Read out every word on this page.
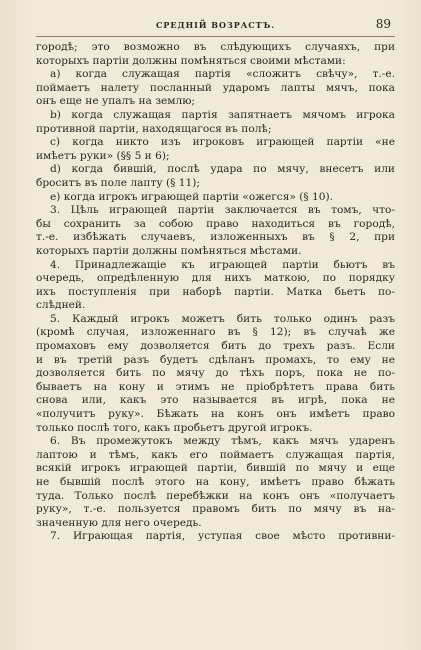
СРЕДНІЙ ВОЗРАСТЪ.	89
городѣ; это возможно въ слѣдующихъ случаяхъ, при
которыхъ партіи должны помѣняться своими мѣстами:
a) когда служащая партія «сложитъ свѣчу», т.-е.
поймаетъ налету посланный ударомъ лапты мячъ, пока
онъ еще не упалъ на землю;
b) когда служащая партія запятнаетъ мячомъ игрока
противной партіи, находящагося въ полѣ;
c) когда никто изъ игроковъ играющей партіи «не
имѣетъ руки» (§§ 5 и 6);
d) когда бившій, послѣ удара по мячу, внесетъ или
броситъ въ поле лапту (§ 11);
e) когда игрокъ играющей партіи «ожегся» (§ 10).
3. Цѣль играющей партіи заключается въ томъ, что-
бы сохранить за собою право находиться въ городѣ,
т.-е. избѣжать случаевъ, изложенныхъ въ § 2, при
которыхъ партіи должны помѣняться мѣстами.
4. Принадлежащіе къ играющей партіи бьютъ въ
очередь, опредѣленную для нихъ маткою, по порядку
ихъ поступленія при наборѣ партіи. Матка бьетъ по-
слѣдней.
5. Каждый игрокъ можетъ бить только одинъ разъ
(кромѣ случая, изложеннаго въ § 12); въ случаѣ же
промаховъ ему дозволяется бить до трехъ разъ. Если
и въ третій разъ будетъ сдѣланъ промахъ, то ему не
дозволяется бить по мячу до тѣхъ поръ, пока не по-
бываетъ на кону и этимъ не пріобрѣтетъ права бить
снова или, какъ это называется въ игрѣ, пока не
«получитъ руку». Бѣжать на конъ онъ имѣетъ право
только послѣ того, какъ пробьетъ другой игрокъ.
6. Въ промежутокъ между тѣмъ, какъ мячъ ударенъ
лаптою и тѣмъ, какъ его поймаетъ служащая партія,
всякій игрокъ играющей партіи, бившій по мячу и еще
не бывшій послѣ этого на кону, имѣетъ право бѣжать
туда. Только послѣ перебѣжки на конъ онъ «получаетъ
руку», т.-е. пользуется правомъ бить по мячу въ на-
значенную для него очередь.
7. Играющая партія, уступая свое мѣсто противни-
